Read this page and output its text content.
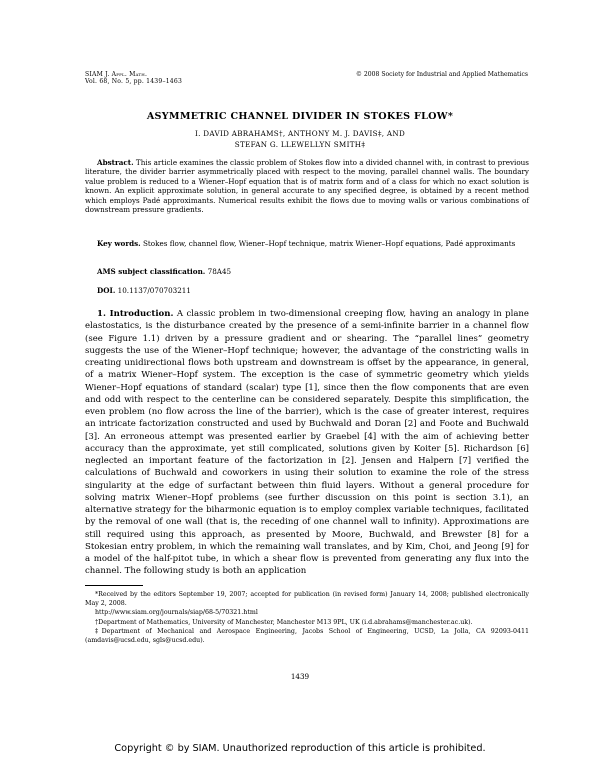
SIAM J. Appl. Math.
Vol. 68, No. 5, pp. 1439–1463
© 2008 Society for Industrial and Applied Mathematics
ASYMMETRIC CHANNEL DIVIDER IN STOKES FLOW*
I. DAVID ABRAHAMS†, ANTHONY M. J. DAVIS‡, AND
STEFAN G. LLEWELLYN SMITH‡
Abstract. This article examines the classic problem of Stokes flow into a divided channel with, in contrast to previous literature, the divider barrier asymmetrically placed with respect to the moving, parallel channel walls. The boundary value problem is reduced to a Wiener–Hopf equation that is of matrix form and of a class for which no exact solution is known. An explicit approximate solution, in general accurate to any specified degree, is obtained by a recent method which employs Padé approximants. Numerical results exhibit the flows due to moving walls or various combinations of downstream pressure gradients.
Key words. Stokes flow, channel flow, Wiener–Hopf technique, matrix Wiener–Hopf equations, Padé approximants
AMS subject classification. 78A45
DOI. 10.1137/070703211
1. Introduction. A classic problem in two-dimensional creeping flow, having an analogy in plane elastostatics, is the disturbance created by the presence of a semi-infinite barrier in a channel flow (see Figure 1.1) driven by a pressure gradient and or shearing. The “parallel lines” geometry suggests the use of the Wiener–Hopf technique; however, the advantage of the constricting walls in creating unidirectional flows both upstream and downstream is offset by the appearance, in general, of a matrix Wiener–Hopf system. The exception is the case of symmetric geometry which yields Wiener–Hopf equations of standard (scalar) type [1], since then the flow components that are even and odd with respect to the centerline can be considered separately. Despite this simplification, the even problem (no flow across the line of the barrier), which is the case of greater interest, requires an intricate factorization constructed and used by Buchwald and Doran [2] and Foote and Buchwald [3]. An erroneous attempt was presented earlier by Graebel [4] with the aim of achieving better accuracy than the approximate, yet still complicated, solutions given by Koiter [5]. Richardson [6] neglected an important feature of the factorization in [2]. Jensen and Halpern [7] verified the calculations of Buchwald and coworkers in using their solution to examine the role of the stress singularity at the edge of surfactant between thin fluid layers. Without a general procedure for solving matrix Wiener–Hopf problems (see further discussion on this point is section 3.1), an alternative strategy for the biharmonic equation is to employ complex variable techniques, facilitated by the removal of one wall (that is, the receding of one channel wall to infinity). Approximations are still required using this approach, as presented by Moore, Buchwald, and Brewster [8] for a Stokesian entry problem, in which the remaining wall translates, and by Kim, Choi, and Jeong [9] for a model of the half-pitot tube, in which a shear flow is prevented from generating any flux into the channel. The following study is both an application

*Received by the editors September 19, 2007; accepted for publication (in revised form) January 14, 2008; published electronically May 2, 2008.
http://www.siam.org/journals/siap/68-5/70321.html

†Department of Mathematics, University of Manchester, Manchester M13 9PL, UK (i.d.abrahams@manchester.ac.uk).

‡Department of Mechanical and Aerospace Engineering, Jacobs School of Engineering, UCSD, La Jolla, CA 92093-0411 (amdavis@ucsd.edu, sgls@ucsd.edu).

1439
Copyright © by SIAM. Unauthorized reproduction of this article is prohibited.
